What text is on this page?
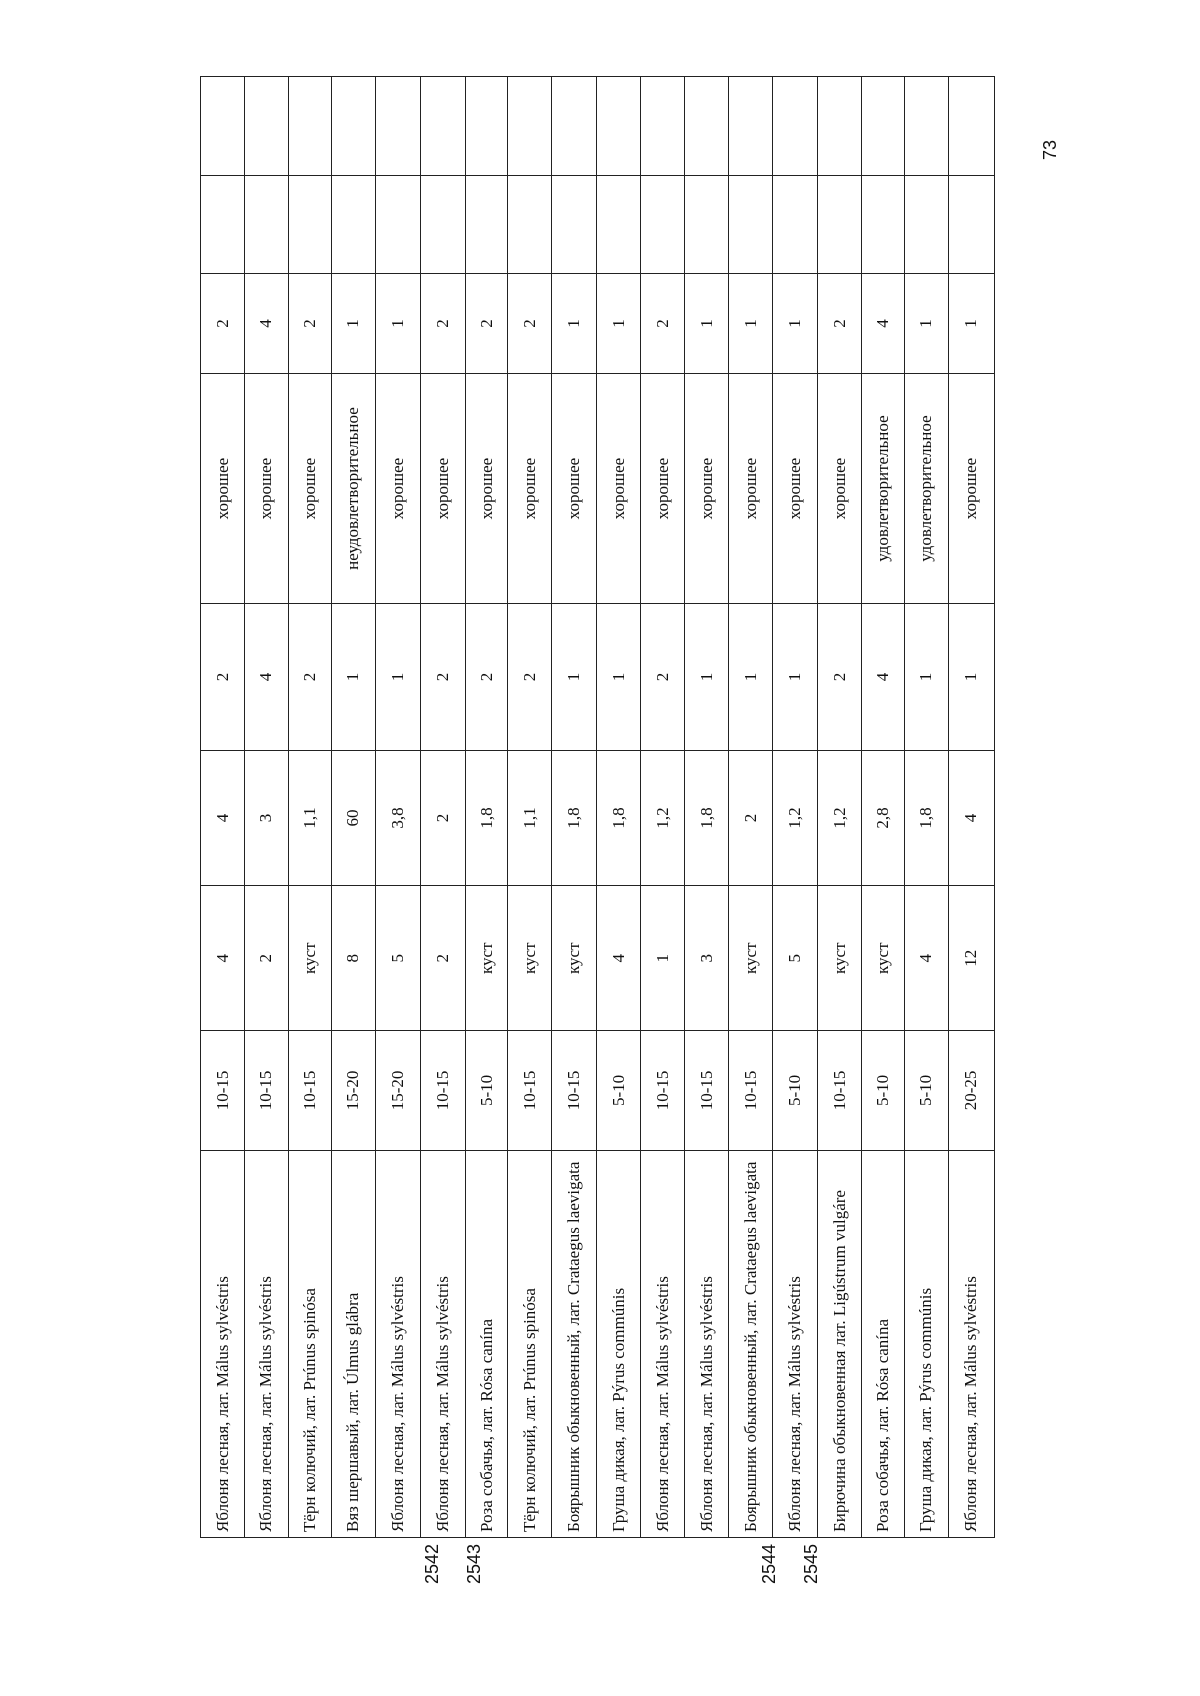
2542 2543	2544 2545
Яблоня лесная, лат. Málus sylvéstris	10-15	4	4	2	хорошее	2		
Яблоня лесная, лат. Málus sylvéstris	10-15	2	3	4	хорошее	4		
Тёрн колючий, лат. Prúnus spinósa	10-15	куст	1,1	2	хорошее	2		
Вяз шершавый, лат. Úlmus glábra	15-20	8	60	1	неудовлетворительное	1		
Яблоня лесная, лат. Málus sylvéstris	15-20	5	3,8	1	хорошее	1		
Яблоня лесная, лат. Málus sylvéstris	10-15	2	2	2	хорошее	2		
Роза собачья, лат. Rósa canína	5-10	куст	1,8	2	хорошее	2		
Тёрн колючий, лат. Prúnus spinósa	10-15	куст	1,1	2	хорошее	2		
Боярышник обыкновенный, лат. Crataegus laevigata	10-15	куст	1,8	1	хорошее	1		
Груша дикая, лат. Pýrus commúnis	5-10	4	1,8	1	хорошее	1		
Яблоня лесная, лат. Málus sylvéstris	10-15	1	1,2	2	хорошее	2		
Яблоня лесная, лат. Málus sylvéstris	10-15	3	1,8	1	хорошее	1		
Боярышник обыкновенный, лат. Crataegus laevigata	10-15	куст	2	1	хорошее	1		
Яблоня лесная, лат. Málus sylvéstris	5-10	5	1,2	1	хорошее	1		
Бирючина обыкновенная лат. Ligústrum vulgáre	10-15	куст	1,2	2	хорошее	2		
Роза собачья, лат. Rósa canína	5-10	куст	2,8	4	удовлетворительное	4		
Груша дикая, лат. Pýrus commúnis	5-10	4	1,8	1	удовлетворительное	1		
Яблоня лесная, лат. Málus sylvéstris	20-25	12	4	1	хорошее	1		
73
